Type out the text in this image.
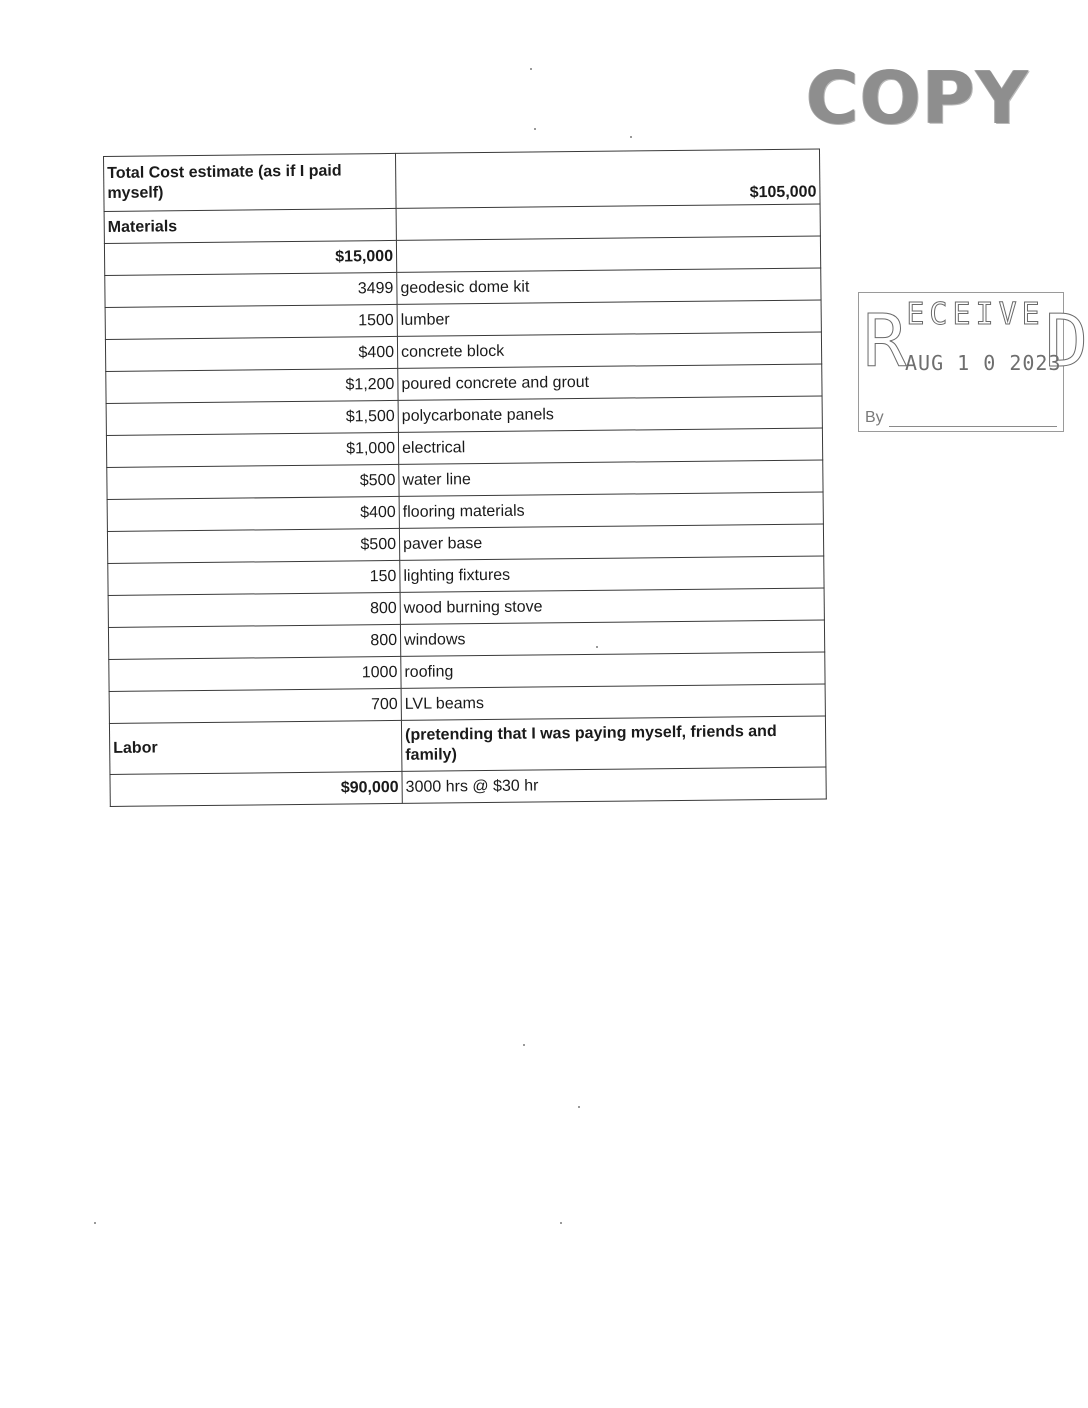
COPY
RECEIVED
AUG 1 0 2023
By
Total Cost estimate (as if I paid myself)	$105,000
Materials	
$15,000	
3499	geodesic dome kit
1500	lumber
$400	concrete block
$1,200	poured concrete and grout
$1,500	polycarbonate panels
$1,000	electrical
$500	water line
$400	flooring materials
$500	paver base
150	lighting fixtures
800	wood burning stove
800	windows
1000	roofing
700	LVL beams
Labor	(pretending that I was paying myself, friends and family)
$90,000	3000 hrs @ $30 hr
